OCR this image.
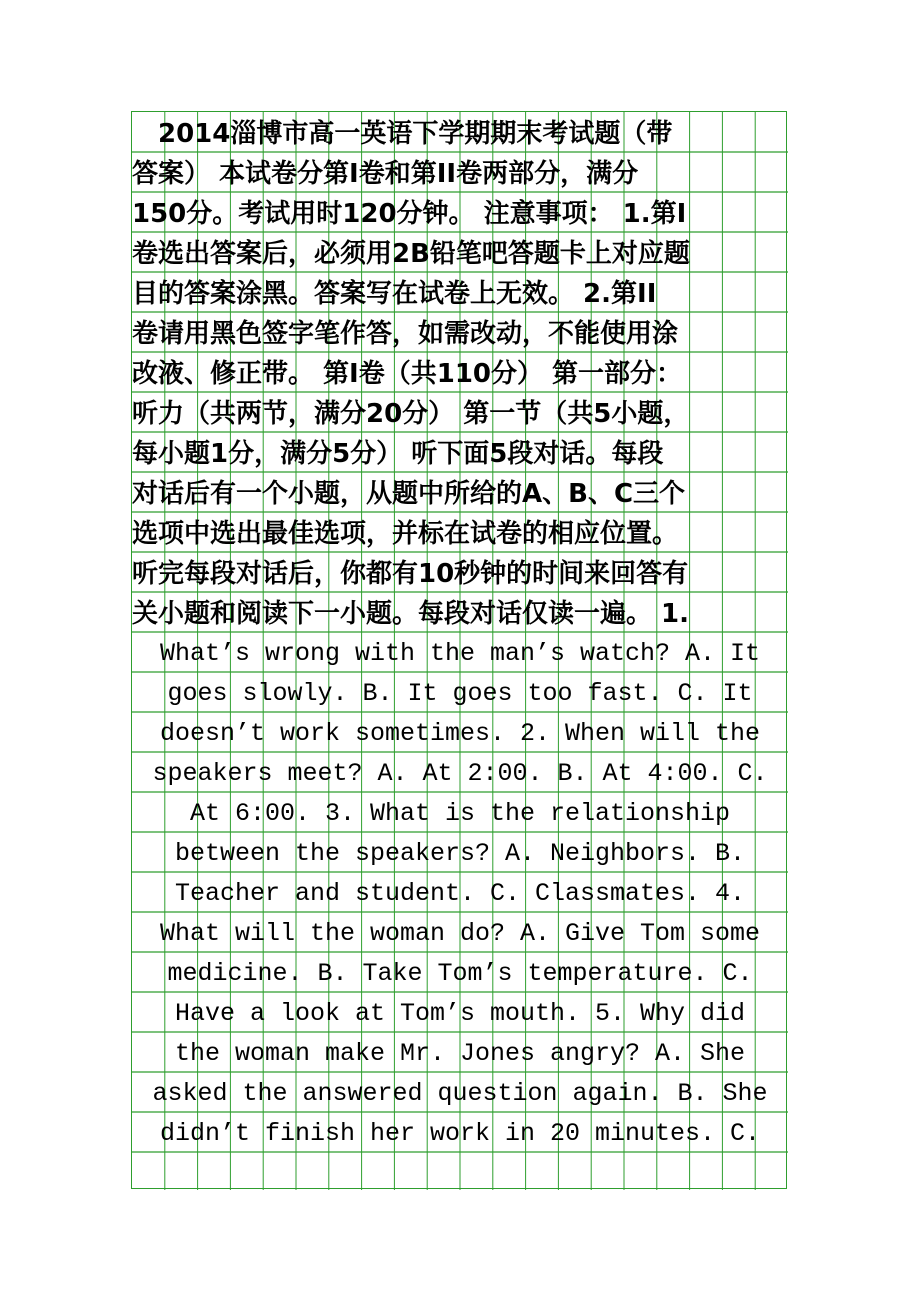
　2014淄博市高一英语下学期期末考试题（带
答案） 本试卷分第I卷和第II卷两部分，满分
150分。考试用时120分钟。 注意事项： 1.第I
卷选出答案后，必须用2B铅笔吧答题卡上对应题
目的答案涂黑。答案写在试卷上无效。 2.第II
卷请用黑色签字笔作答，如需改动，不能使用涂
改液、修正带。 第I卷（共110分） 第一部分：
听力（共两节，满分20分） 第一节（共5小题，
每小题1分，满分5分） 听下面5段对话。每段
对话后有一个小题，从题中所给的A、B、C三个
选项中选出最佳选项，并标在试卷的相应位置。
听完每段对话后，你都有10秒钟的时间来回答有
关小题和阅读下一小题。每段对话仅读一遍。 1.
What’s wrong with the man’s watch? A. It
goes slowly. B. It goes too fast. C. It
doesn’t work sometimes. 2. When will the
speakers meet? A. At 2:00. B. At 4:00. C.
At 6:00. 3. What is the relationship
between the speakers? A. Neighbors. B.
Teacher and student. C. Classmates. 4.
What will the woman do? A. Give Tom some
medicine. B. Take Tom’s temperature. C.
Have a look at Tom’s mouth. 5. Why did
the woman make Mr. Jones angry? A. She
asked the answered question again. B. She
didn’t finish her work in 20 minutes. C.
